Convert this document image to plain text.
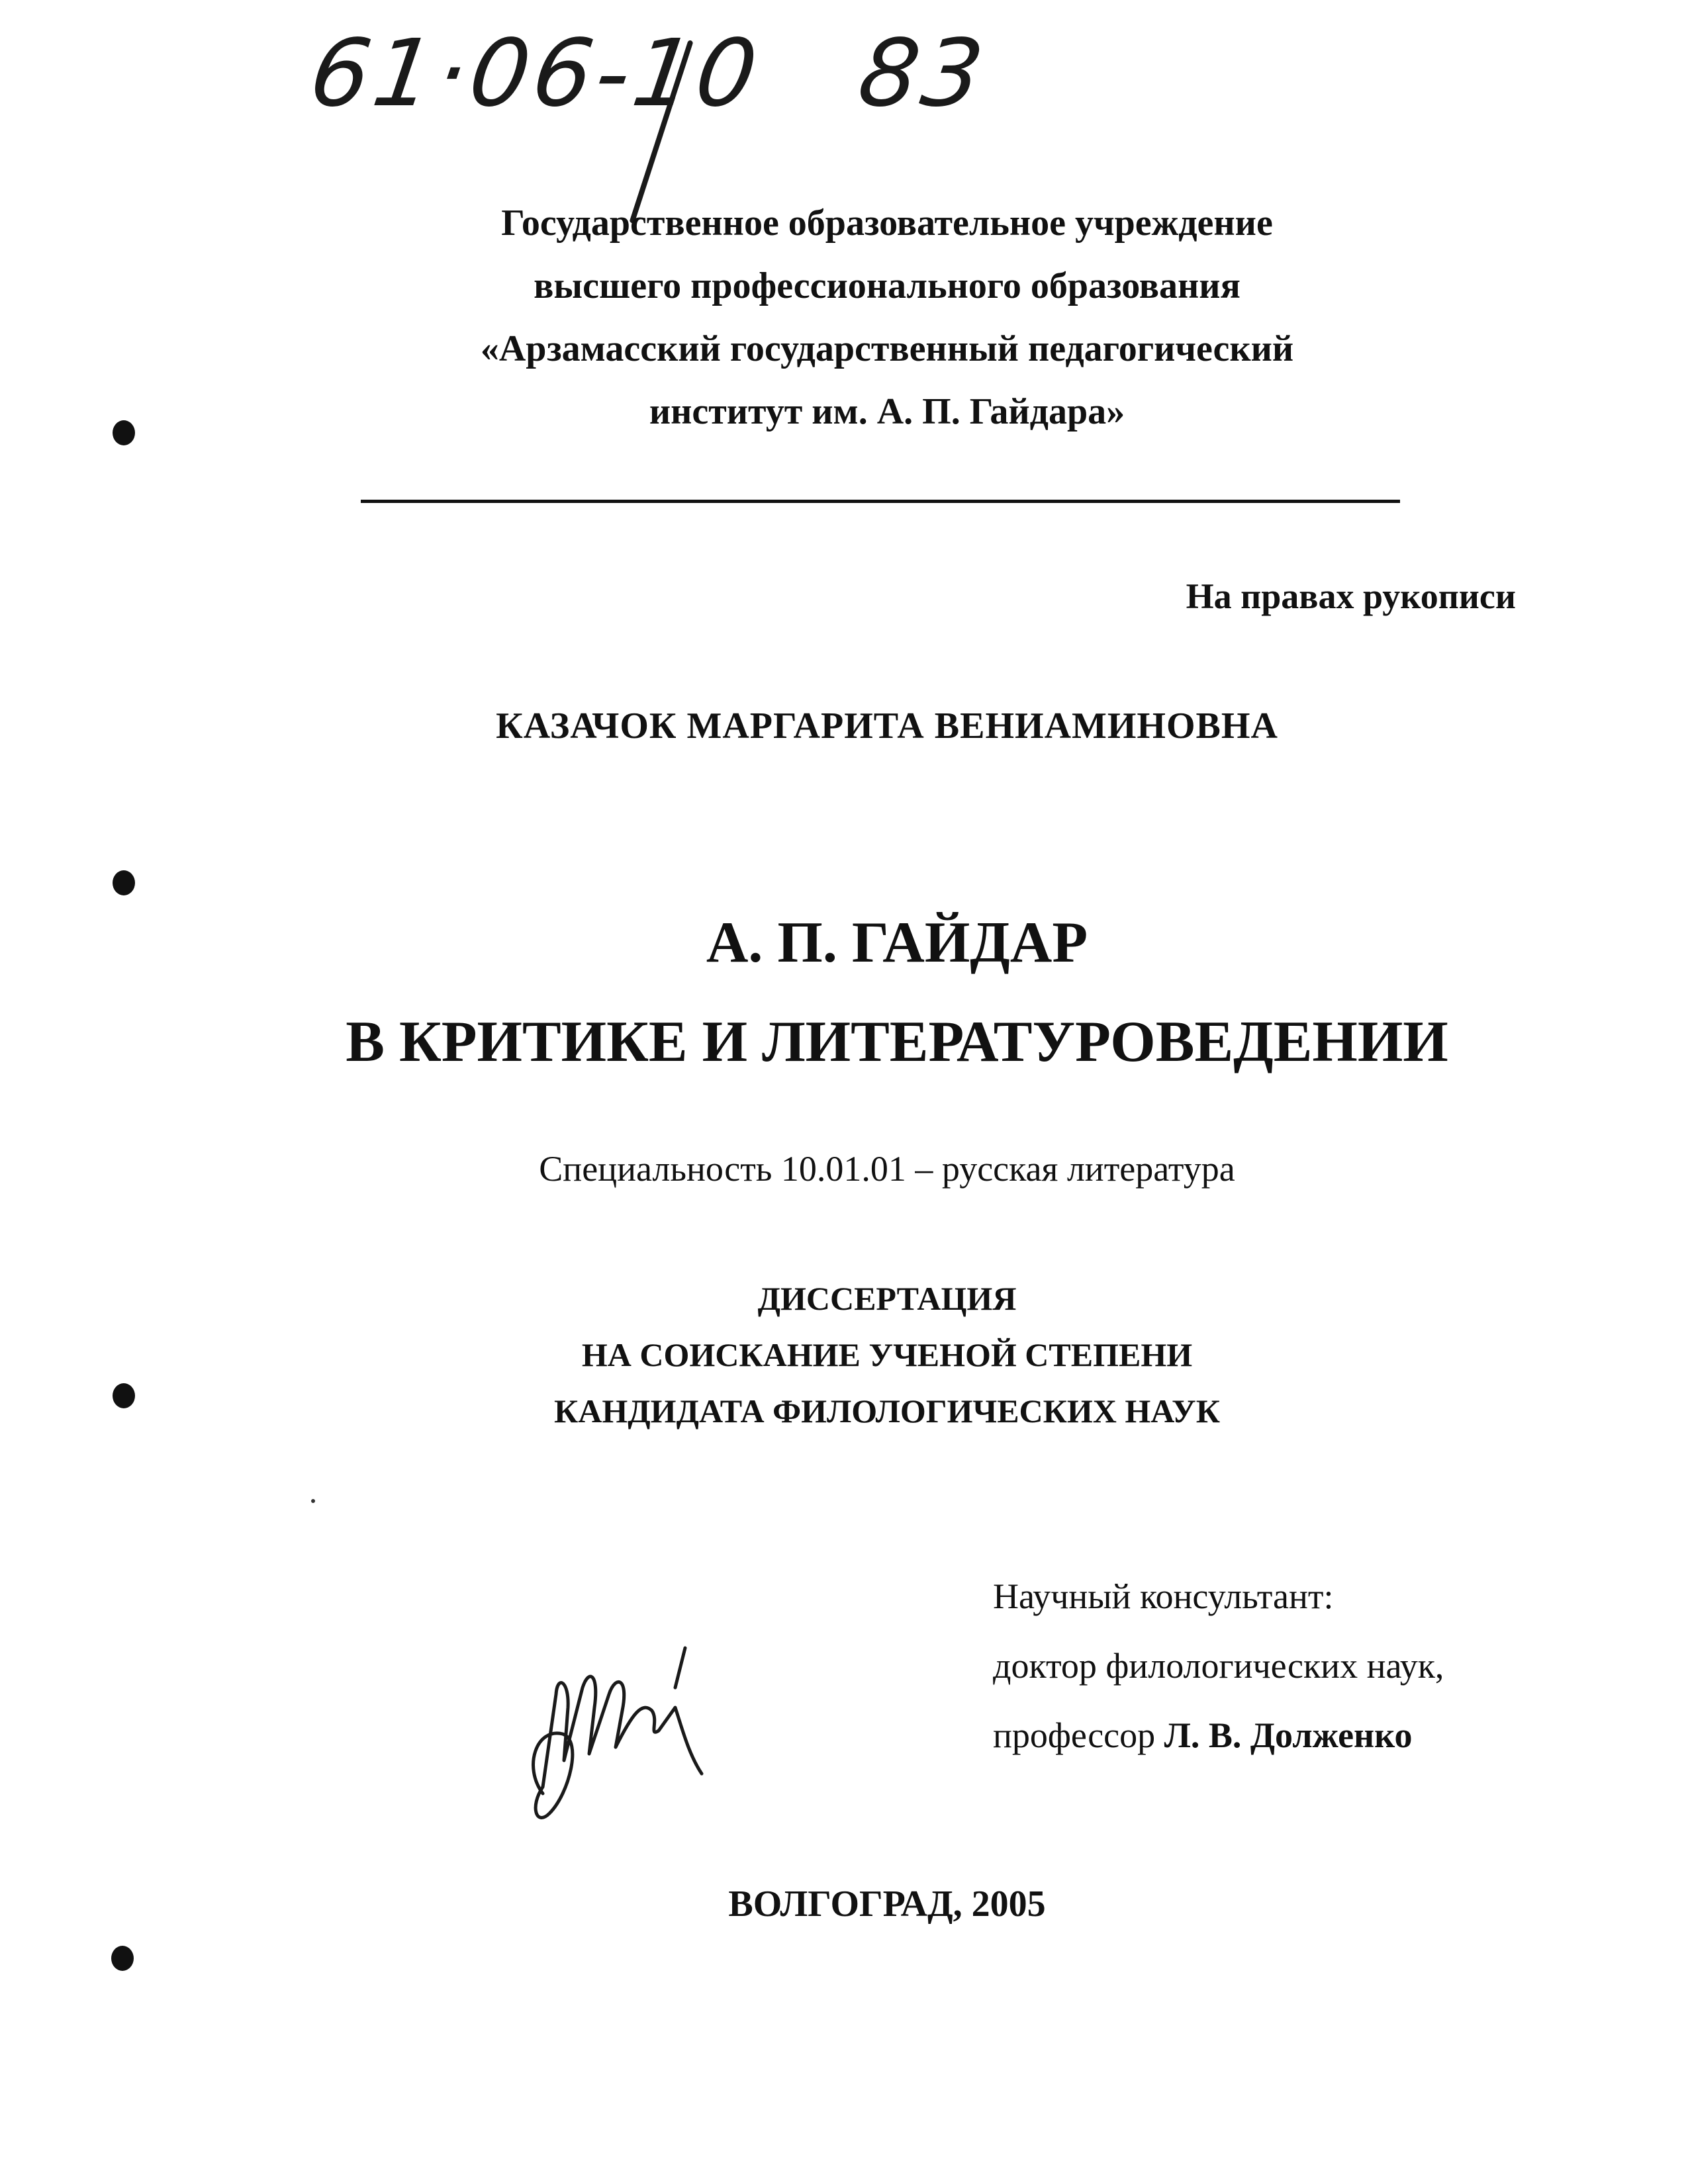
61·06-10 83
Государственное образовательное учреждение
высшего профессионального образования
«Арзамасский государственный педагогический
институт им. А. П. Гайдара»
На правах рукописи
КАЗАЧОК МАРГАРИТА ВЕНИАМИНОВНА
А. П. ГАЙДАР
В КРИТИКЕ И ЛИТЕРАТУРОВЕДЕНИИ
Специальность 10.01.01 – русская литература
ДИССЕРТАЦИЯ
НА СОИСКАНИЕ УЧЕНОЙ СТЕПЕНИ
КАНДИДАТА ФИЛОЛОГИЧЕСКИХ НАУК
Научный консультант:
доктор филологических наук,
профессор Л. В. Долженко
ВОЛГОГРАД, 2005
